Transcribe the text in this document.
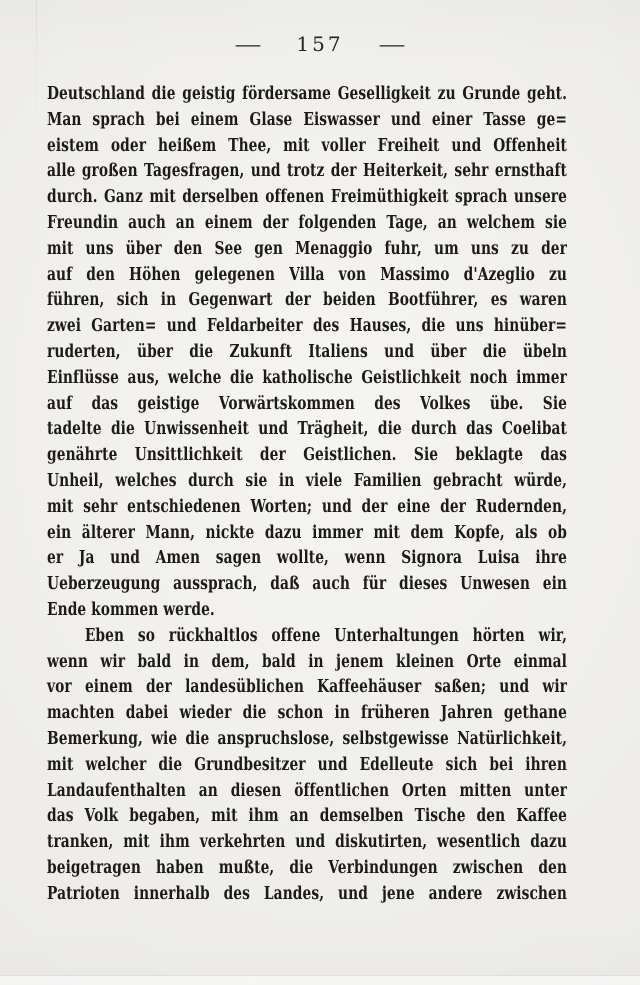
— 157 —
Deutschland die geistig fördersame Geselligkeit zu Grunde geht.
Man sprach bei einem Glase Eiswasser und einer Tasse ge=
eistem oder heißem Thee, mit voller Freiheit und Offenheit
alle großen Tagesfragen, und trotz der Heiterkeit, sehr ernsthaft
durch. Ganz mit derselben offenen Freimüthigkeit sprach unsere
Freundin auch an einem der folgenden Tage, an welchem sie
mit uns über den See gen Menaggio fuhr, um uns zu der
auf den Höhen gelegenen Villa von Massimo d'Azeglio zu
führen, sich in Gegenwart der beiden Bootführer, es waren
zwei Garten= und Feldarbeiter des Hauses, die uns hinüber=
ruderten, über die Zukunft Italiens und über die übeln
Einflüsse aus, welche die katholische Geistlichkeit noch immer
auf das geistige Vorwärtskommen des Volkes übe. Sie
tadelte die Unwissenheit und Trägheit, die durch das Coelibat
genährte Unsittlichkeit der Geistlichen. Sie beklagte das
Unheil, welches durch sie in viele Familien gebracht würde,
mit sehr entschiedenen Worten; und der eine der Rudernden,
ein älterer Mann, nickte dazu immer mit dem Kopfe, als ob
er Ja und Amen sagen wollte, wenn Signora Luisa ihre
Ueberzeugung aussprach, daß auch für dieses Unwesen ein
Ende kommen werde.
Eben so rückhaltlos offene Unterhaltungen hörten wir,
wenn wir bald in dem, bald in jenem kleinen Orte einmal
vor einem der landesüblichen Kaffeehäuser saßen; und wir
machten dabei wieder die schon in früheren Jahren gethane
Bemerkung, wie die anspruchslose, selbstgewisse Natürlichkeit,
mit welcher die Grundbesitzer und Edelleute sich bei ihren
Landaufenthalten an diesen öffentlichen Orten mitten unter
das Volk begaben, mit ihm an demselben Tische den Kaffee
tranken, mit ihm verkehrten und diskutirten, wesentlich dazu
beigetragen haben mußte, die Verbindungen zwischen den
Patrioten innerhalb des Landes, und jene andere zwischen
